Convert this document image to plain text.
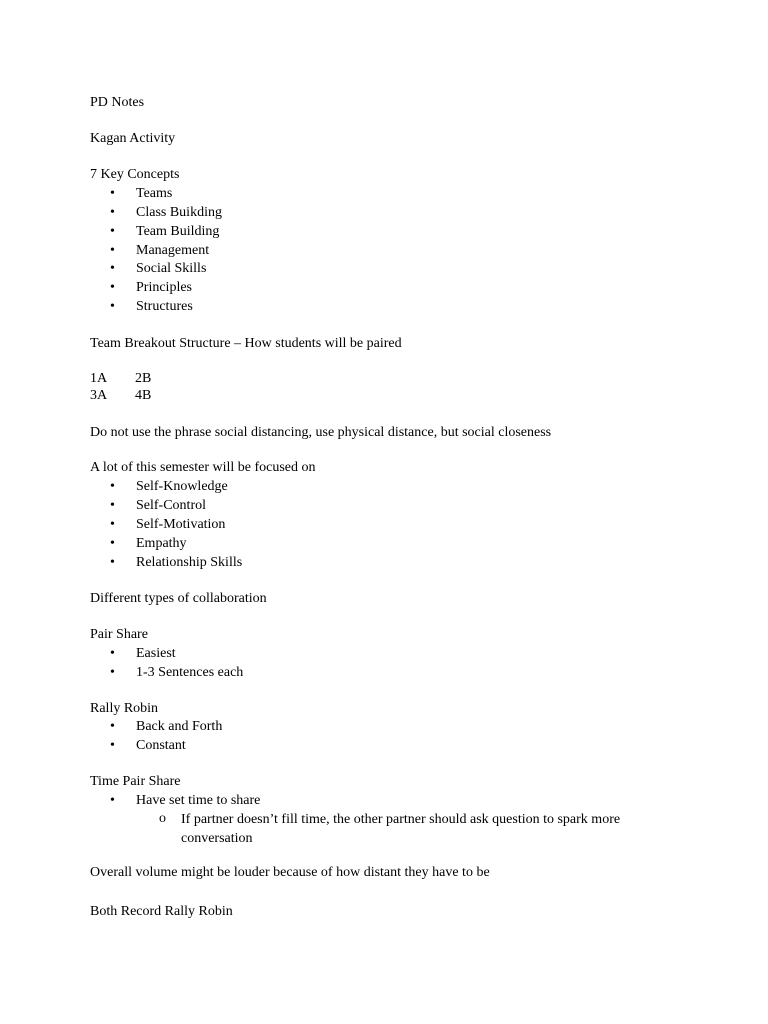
PD Notes
Kagan Activity
7 Key Concepts
• Teams
• Class Buikding
• Team Building
• Management
• Social Skills
• Principles
• Structures
Team Breakout Structure – How students will be paired
1A 2B
3A 4B
Do not use the phrase social distancing, use physical distance, but social closeness
A lot of this semester will be focused on
• Self-Knowledge
• Self-Control
• Self-Motivation
• Empathy
• Relationship Skills
Different types of collaboration
Pair Share
• Easiest
• 1-3 Sentences each
Rally Robin
• Back and Forth
• Constant
Time Pair Share
• Have set time to share
o If partner doesn’t fill time, the other partner should ask question to spark more conversation
Overall volume might be louder because of how distant they have to be
Both Record Rally Robin
